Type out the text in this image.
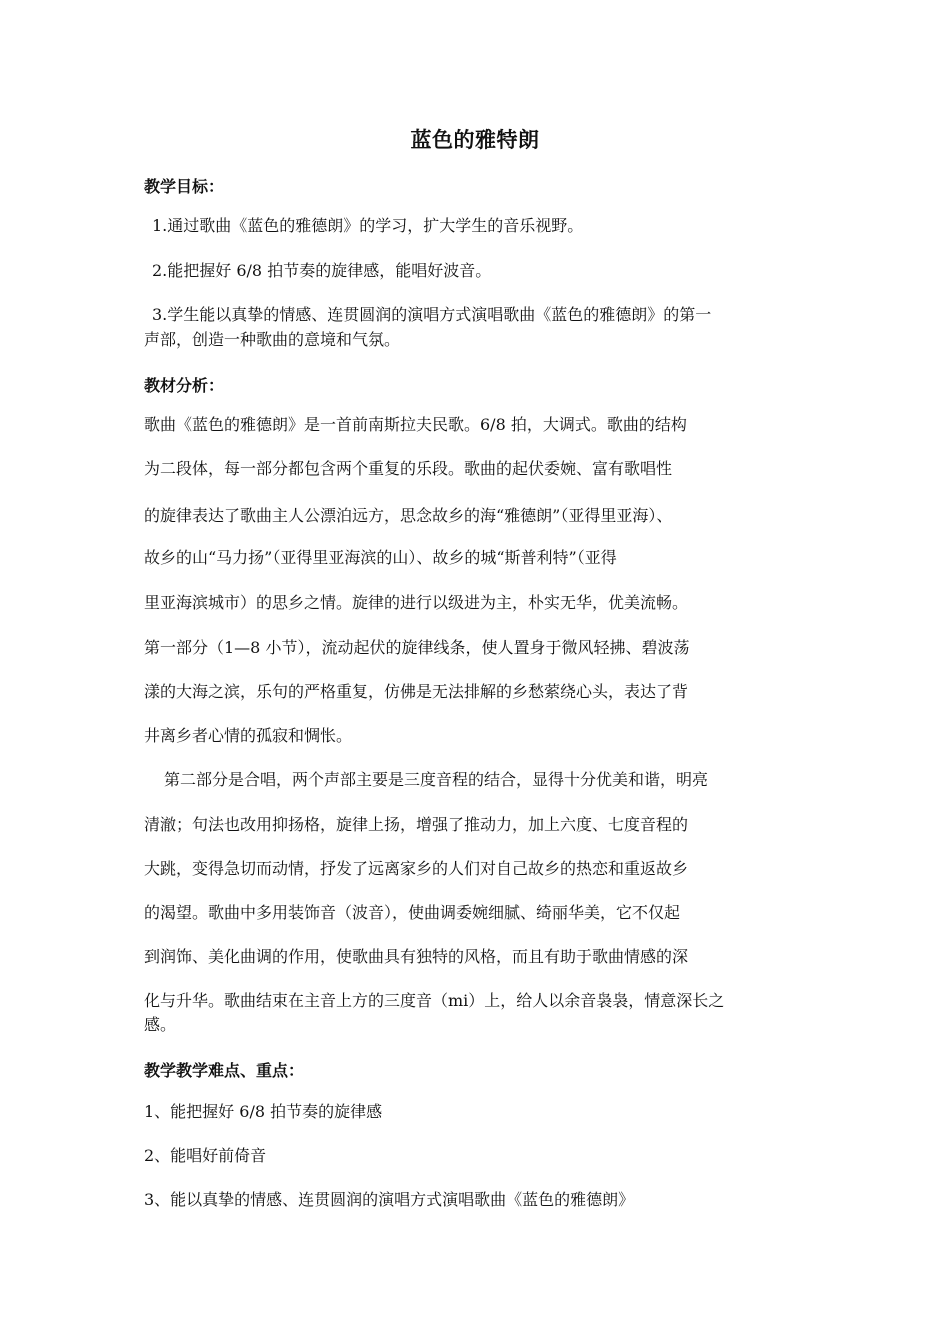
蓝色的雅特朗
教学目标：
1.通过歌曲《蓝色的雅德朗》的学习，扩大学生的音乐视野。
2.能把握好 6/8 拍节奏的旋律感，能唱好波音。
3.学生能以真挚的情感、连贯圆润的演唱方式演唱歌曲《蓝色的雅德朗》的第一
声部，创造一种歌曲的意境和气氛。
教材分析：
歌曲《蓝色的雅德朗》是一首前南斯拉夫民歌。6/8 拍，大调式。歌曲的结构
为二段体，每一部分都包含两个重复的乐段。歌曲的起伏委婉、富有歌唱性
的旋律表达了歌曲主人公漂泊远方，思念故乡的海“雅德朗”（亚得里亚海）、
故乡的山“马力扬”（亚得里亚海滨的山）、故乡的城“斯普利特”（亚得
里亚海滨城市）的思乡之情。旋律的进行以级进为主，朴实无华，优美流畅。
第一部分（1—8 小节），流动起伏的旋律线条，使人置身于微风轻拂、碧波荡
漾的大海之滨，乐句的严格重复，仿佛是无法排解的乡愁萦绕心头，表达了背
井离乡者心情的孤寂和惆怅。
第二部分是合唱，两个声部主要是三度音程的结合，显得十分优美和谐，明亮
清澈；句法也改用抑扬格，旋律上扬，增强了推动力，加上六度、七度音程的
大跳，变得急切而动情，抒发了远离家乡的人们对自己故乡的热恋和重返故乡
的渴望。歌曲中多用装饰音（波音），使曲调委婉细腻、绮丽华美，它不仅起
到润饰、美化曲调的作用，使歌曲具有独特的风格，而且有助于歌曲情感的深
化与升华。歌曲结束在主音上方的三度音（mi）上，给人以余音袅袅，情意深长之
感。
教学教学难点、重点：
1、能把握好 6/8 拍节奏的旋律感
2、能唱好前倚音
3、能以真挚的情感、连贯圆润的演唱方式演唱歌曲《蓝色的雅德朗》
